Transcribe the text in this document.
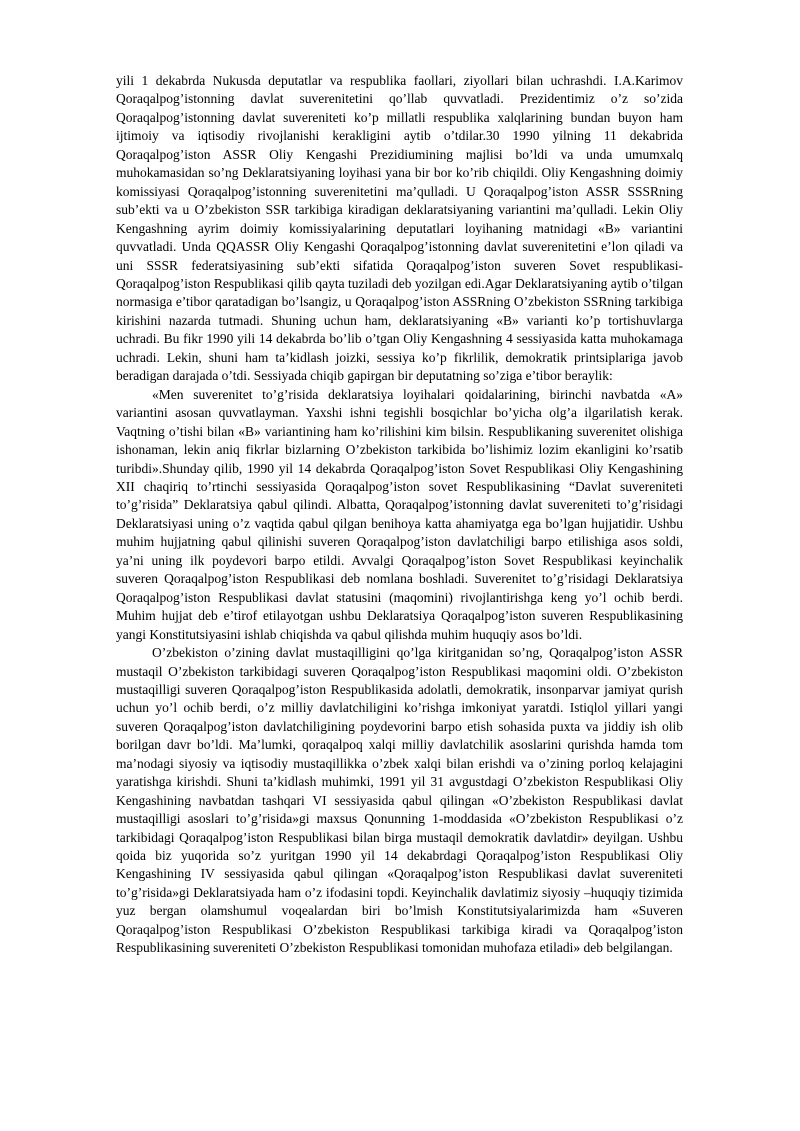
yili 1 dekabrda Nukusda deputatlar va respublika faollari, ziyollari bilan uchrashdi. I.A.Karimov Qoraqalpog’istonning davlat suverenitetini qo’llab quvvatladi. Prezidentimiz o’z so’zida Qoraqalpog’istonning davlat suvereniteti ko’p millatli respublika xalqlarining bundan buyon ham ijtimoiy va iqtisodiy rivojlanishi kerakligini aytib o’tdilar.30 1990 yilning 11 dekabrida Qoraqalpog’iston ASSR Oliy Kengashi Prezidiumining majlisi bo’ldi va unda umumxalq muhokamasidan so’ng Deklaratsiyaning loyihasi yana bir bor ko’rib chiqildi. Oliy Kengashning doimiy komissiyasi Qoraqalpog’istonning suverenitetini ma’qulladi. U Qoraqalpog’iston ASSR SSSRning sub’ekti va u O’zbekiston SSR tarkibiga kiradigan deklaratsiyaning variantini ma’qulladi. Lekin Oliy Kengashning ayrim doimiy komissiyalarining deputatlari loyihaning matnidagi «B» variantini quvvatladi. Unda QQASSR Oliy Kengashi Qoraqalpog’istonning davlat suverenitetini e’lon qiladi va uni SSSR federatsiyasining sub’ekti sifatida Qoraqalpog’iston suveren Sovet respublikasi-Qoraqalpog’iston Respublikasi qilib qayta tuziladi deb yozilgan edi.Agar Deklaratsiyaning aytib o’tilgan normasiga e’tibor qaratadigan bo’lsangiz, u Qoraqalpog’iston ASSRning O’zbekiston SSRning tarkibiga kirishini nazarda tutmadi. Shuning uchun ham, deklaratsiyaning «B» varianti ko’p tortishuvlarga uchradi. Bu fikr 1990 yili 14 dekabrda bo’lib o’tgan Oliy Kengashning 4 sessiyasida katta muhokamaga uchradi. Lekin, shuni ham ta’kidlash joizki, sessiya ko’p fikrlilik, demokratik printsiplariga javob beradigan darajada o’tdi. Sessiyada chiqib gapirgan bir deputatning so’ziga e’tibor beraylik:

«Men suverenitet to’g’risida deklaratsiya loyihalari qoidalarining, birinchi navbatda «A» variantini asosan quvvatlayman. Yaxshi ishni tegishli bosqichlar bo’yicha olg’a ilgarilatish kerak. Vaqtning o’tishi bilan «B» variantining ham ko’rilishini kim bilsin. Respublikaning suverenitet olishiga ishonaman, lekin aniq fikrlar bizlarning O’zbekiston tarkibida bo’lishimiz lozim ekanligini ko’rsatib turibdi».Shunday qilib, 1990 yil 14 dekabrda Qoraqalpog’iston Sovet Respublikasi Oliy Kengashining XII chaqiriq to’rtinchi sessiyasida Qoraqalpog’iston sovet Respublikasining “Davlat suvereniteti to’g’risida” Deklaratsiya qabul qilindi. Albatta, Qoraqalpog’istonning davlat suvereniteti to’g’risidagi Deklaratsiyasi uning o’z vaqtida qabul qilgan benihoya katta ahamiyatga ega bo’lgan hujjatidir. Ushbu muhim hujjatning qabul qilinishi suveren Qoraqalpog’iston davlatchiligi barpo etilishiga asos soldi, ya’ni uning ilk poydevori barpo etildi. Avvalgi Qoraqalpog’iston Sovet Respublikasi keyinchalik suveren Qoraqalpog’iston Respublikasi deb nomlana boshladi. Suverenitet to’g’risidagi Deklaratsiya Qoraqalpog’iston Respublikasi davlat statusini (maqomini) rivojlantirishga keng yo’l ochib berdi. Muhim hujjat deb e’tirof etilayotgan ushbu Deklaratsiya Qoraqalpog’iston suveren Respublikasining yangi Konstitutsiyasini ishlab chiqishda va qabul qilishda muhim huquqiy asos bo’ldi.

O’zbekiston o’zining davlat mustaqilligini qo’lga kiritganidan so’ng, Qoraqalpog’iston ASSR mustaqil O’zbekiston tarkibidagi suveren Qoraqalpog’iston Respublikasi maqomini oldi. O’zbekiston mustaqilligi suveren Qoraqalpog’iston Respublikasida adolatli, demokratik, insonparvar jamiyat qurish uchun yo’l ochib berdi, o’z milliy davlatchiligini ko’rishga imkoniyat yaratdi. Istiqlol yillari yangi suveren Qoraqalpog’iston davlatchiligining poydevorini barpo etish sohasida puxta va jiddiy ish olib borilgan davr bo’ldi. Ma’lumki, qoraqalpoq xalqi milliy davlatchilik asoslarini qurishda hamda tom ma’nodagi siyosiy va iqtisodiy mustaqillikka o’zbek xalqi bilan erishdi va o’zining porloq kelajagini yaratishga kirishdi. Shuni ta’kidlash muhimki, 1991 yil 31 avgustdagi O’zbekiston Respublikasi Oliy Kengashining navbatdan tashqari VI sessiyasida qabul qilingan «O’zbekiston Respublikasi davlat mustaqilligi asoslari to’g’risida»gi maxsus Qonunning 1-moddasida «O’zbekiston Respublikasi o’z tarkibidagi Qoraqalpog’iston Respublikasi bilan birga mustaqil demokratik davlatdir» deyilgan. Ushbu qoida biz yuqorida so’z yuritgan 1990 yil 14 dekabrdagi Qoraqalpog’iston Respublikasi Oliy Kengashining IV sessiyasida qabul qilingan «Qoraqalpog’iston Respublikasi davlat suvereniteti to’g’risida»gi Deklaratsiyada ham o’z ifodasini topdi. Keyinchalik davlatimiz siyosiy –huquqiy tizimida yuz bergan olamshumul voqealardan biri bo’lmish Konstitutsiyalarimizda ham «Suveren Qoraqalpog’iston Respublikasi O’zbekiston Respublikasi tarkibiga kiradi va Qoraqalpog’iston Respublikasining suvereniteti O’zbekiston Respublikasi tomonidan muhofaza etiladi» deb belgilangan.
